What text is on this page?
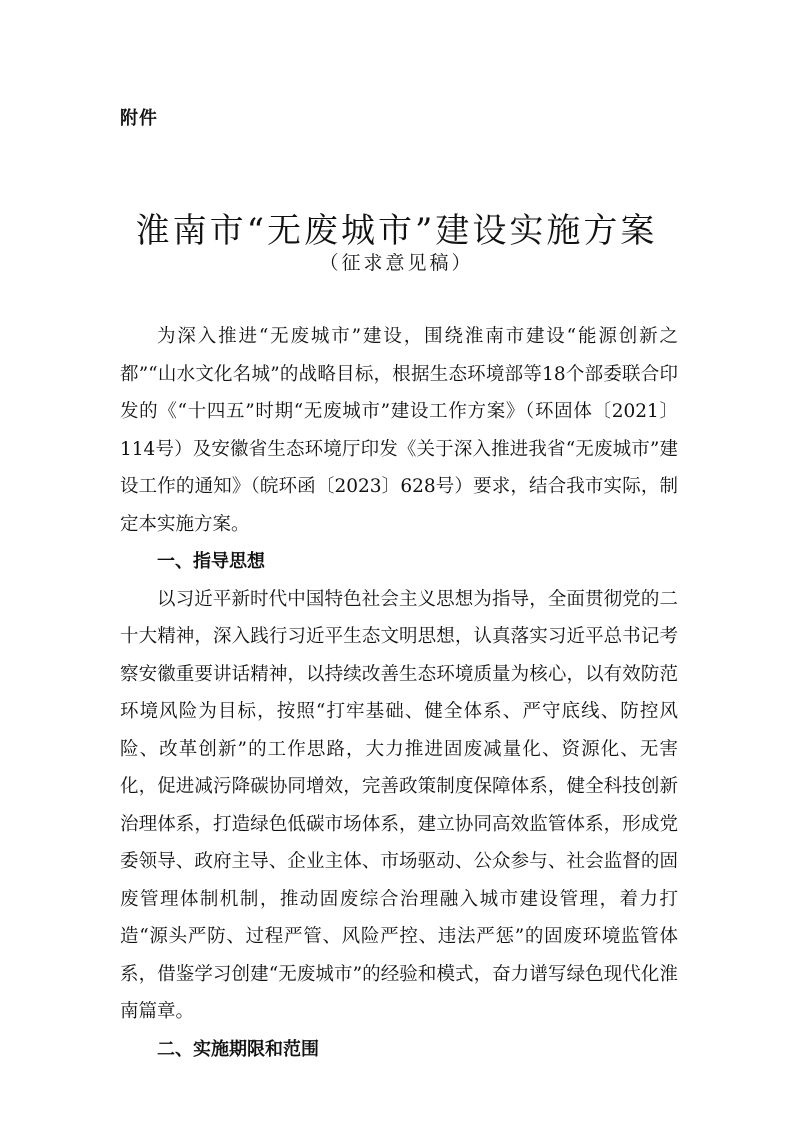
附件
淮南市“无废城市”建设实施方案
（征求意见稿）

为深入推进“无废城市”建设，围绕淮南市建设“能源创新之都”“山水文化名城”的战略目标，根据生态环境部等18个部委联合印发的《“十四五”时期“无废城市”建设工作方案》（环固体〔2021〕114号）及安徽省生态环境厅印发《关于深入推进我省“无废城市”建设工作的通知》（皖环函〔2023〕628号）要求，结合我市实际，制定本实施方案。

一、指导思想

以习近平新时代中国特色社会主义思想为指导，全面贯彻党的二十大精神，深入践行习近平生态文明思想，认真落实习近平总书记考察安徽重要讲话精神，以持续改善生态环境质量为核心，以有效防范环境风险为目标，按照“打牢基础、健全体系、严守底线、防控风险、改革创新”的工作思路，大力推进固废减量化、资源化、无害化，促进减污降碳协同增效，完善政策制度保障体系，健全科技创新治理体系，打造绿色低碳市场体系，建立协同高效监管体系，形成党委领导、政府主导、企业主体、市场驱动、公众参与、社会监督的固废管理体制机制，推动固废综合治理融入城市建设管理，着力打造“源头严防、过程严管、风险严控、违法严惩”的固废环境监管体系，借鉴学习创建“无废城市”的经验和模式，奋力谱写绿色现代化淮南篇章。

二、实施期限和范围
